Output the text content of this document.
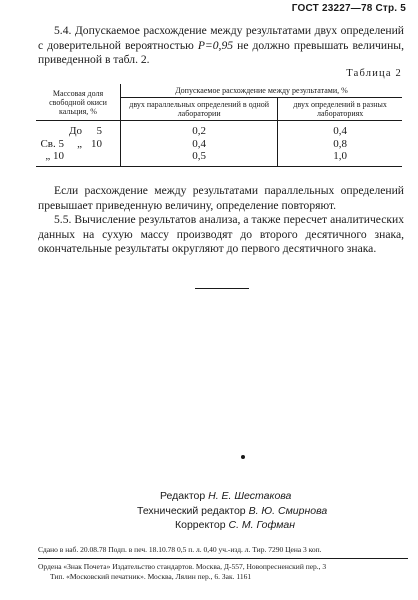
ГОСТ 23227—78 Стр. 5

5.4. Допускаемое расхождение между результатами двух определений с доверительной вероятностью P=0,95 не должно превышать величины, приведенной в табл. 2.

Таблица 2
Массовая доля свободной окиси кальция, %	Допускаемое расхождение между результатами, %	
	двух параллельных определений в одной лаборатории	двух определений в разных лабораториях
До 5	0,2	0,4
Св. 5 „ 10	0,4	0,8
„ 10	0,5	1,0

Если расхождение между результатами параллельных определений превышает приведенную величину, определение повторяют.

5.5. Вычисление результатов анализа, а также пересчет аналитических данных на сухую массу производят до второго десятичного знака, окончательные результаты округляют до первого десятичного знака.

Редактор Н. Е. Шестакова
Технический редактор В. Ю. Смирнова
Корректор С. М. Гофман
Сдано в наб. 20.08.78 Подп. в печ. 18.10.78 0,5 п. л. 0,40 уч.-изд. л. Тир. 7290 Цена 3 коп.
Ордена «Знак Почета» Издательство стандартов. Москва, Д-557, Новопресненский пер., 3
Тип. «Московский печатник». Москва, Лялин пер., 6. Зак. 1161
